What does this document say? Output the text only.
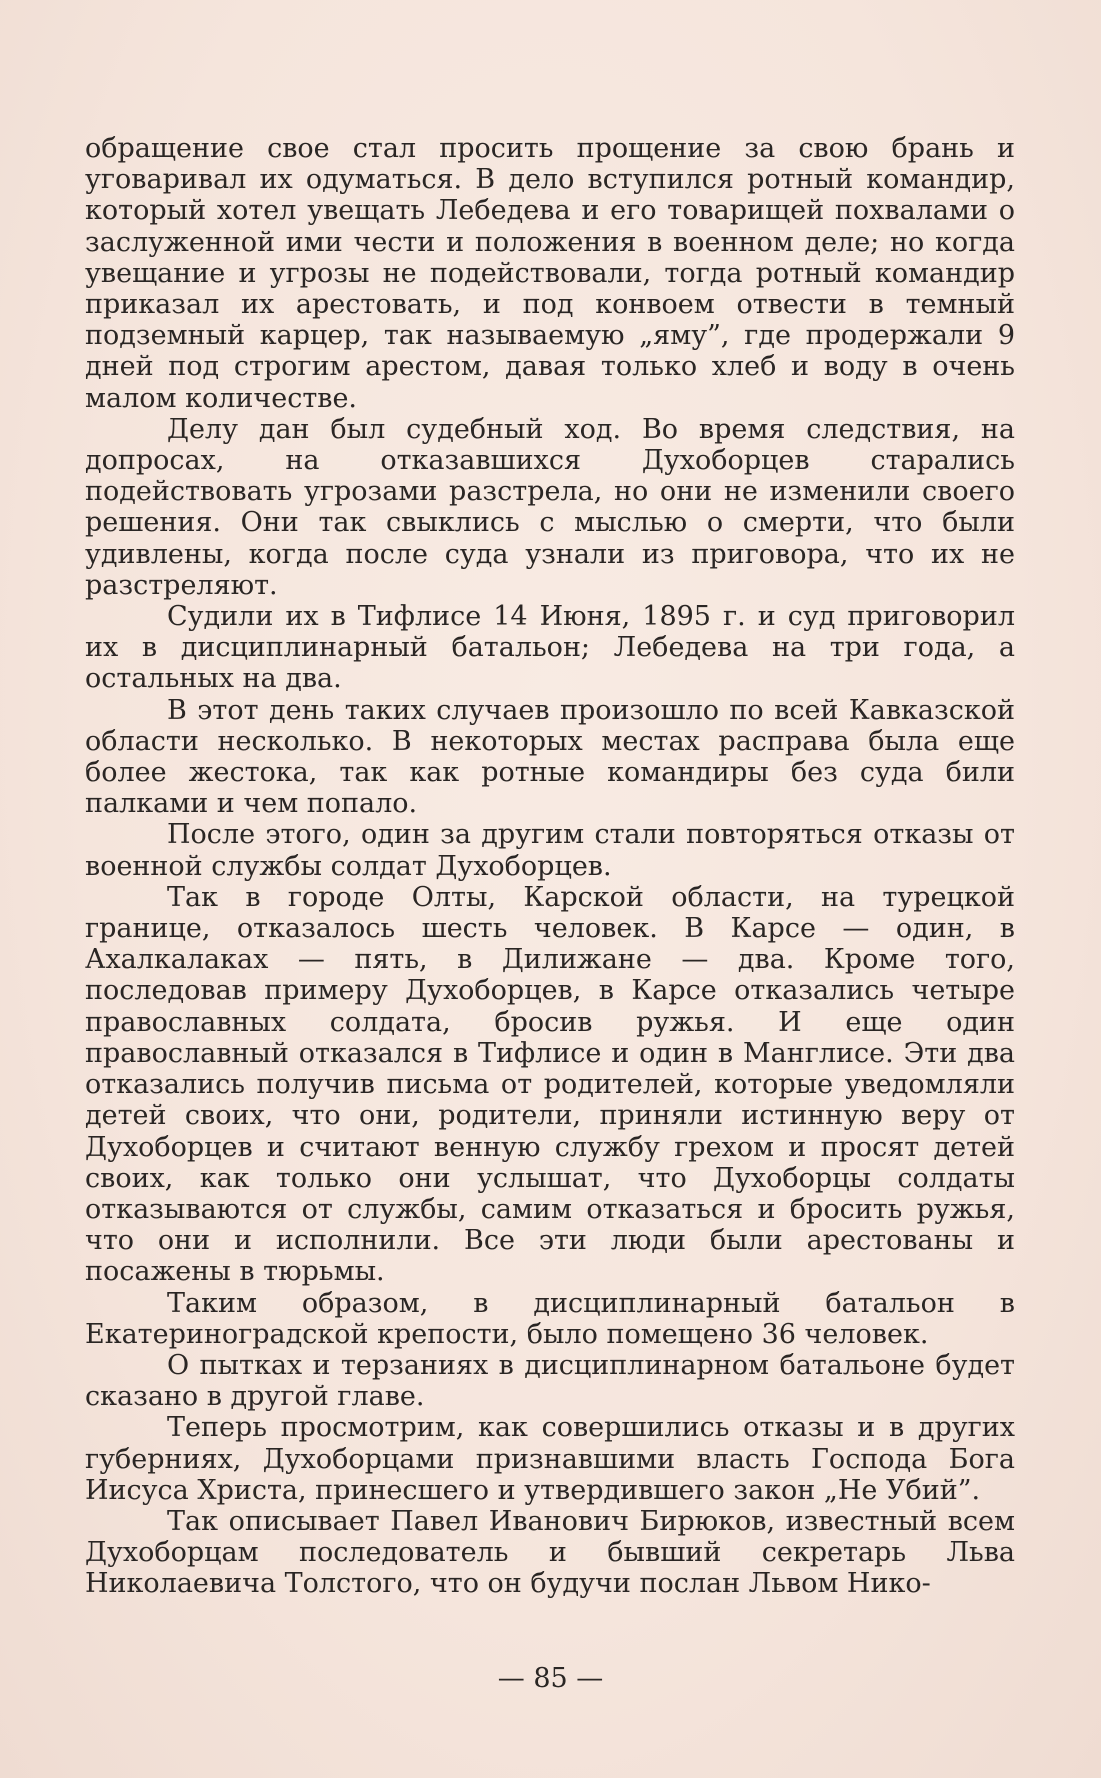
обращение свое стал просить прощение за свою брань и уговаривал их одуматься. В дело вступился ротный командир, который хотел увещать Лебедева и его товарищей похвалами о заслуженной ими чести и положения в военном деле; но когда увещание и угрозы не подействовали, тогда ротный командир приказал их арестовать, и под конвоем отвести в темный подземный карцер, так называемую „яму”, где продержали 9 дней под строгим арестом, давая только хлеб и воду в очень малом количестве.

Делу дан был судебный ход. Во время следствия, на допросах, на отказавшихся Духоборцев старались подействовать угрозами разстрела, но они не изменили своего решения. Они так свыклись с мыслью о смерти, что были удивлены, когда после суда узнали из приговора, что их не разстреляют.

Судили их в Тифлисе 14 Июня, 1895 г. и суд приговорил их в дисциплинарный батальон; Лебедева на три года, а остальных на два.

В этот день таких случаев произошло по всей Кавказской области несколько. В некоторых местах расправа была еще более жестока, так как ротные командиры без суда били палками и чем попало.

После этого, один за другим стали повторяться отказы от военной службы солдат Духоборцев.

Так в городе Олты, Карской области, на турецкой границе, отказалось шесть человек. В Карсе — один, в Ахалкалаках — пять, в Дилижане — два. Кроме того, последовав примеру Духоборцев, в Карсе отказались четыре православных солдата, бросив ружья. И еще один православный отказался в Тифлисе и один в Манглисе. Эти два отказались получив письма от родителей, которые уведомляли детей своих, что они, родители, приняли истинную веру от Духоборцев и считают венную службу грехом и просят детей своих, как только они услышат, что Духоборцы солдаты отказываются от службы, самим отказаться и бросить ружья, что они и исполнили. Все эти люди были арестованы и посажены в тюрьмы.

Таким образом, в дисциплинарный батальон в Екатериноградской крепости, было помещено 36 человек.

О пытках и терзаниях в дисциплинарном батальоне будет сказано в другой главе.

Теперь просмотрим, как совершились отказы и в других губерниях, Духоборцами признавшими власть Господа Бога Иисуса Христа, принесшего и утвердившего закон „Не Убий”.

Так описывает Павел Иванович Бирюков, известный всем Духоборцам последователь и бывший секретарь Льва Николаевича Толстого, что он будучи послан Львом Нико-

— 85 —
